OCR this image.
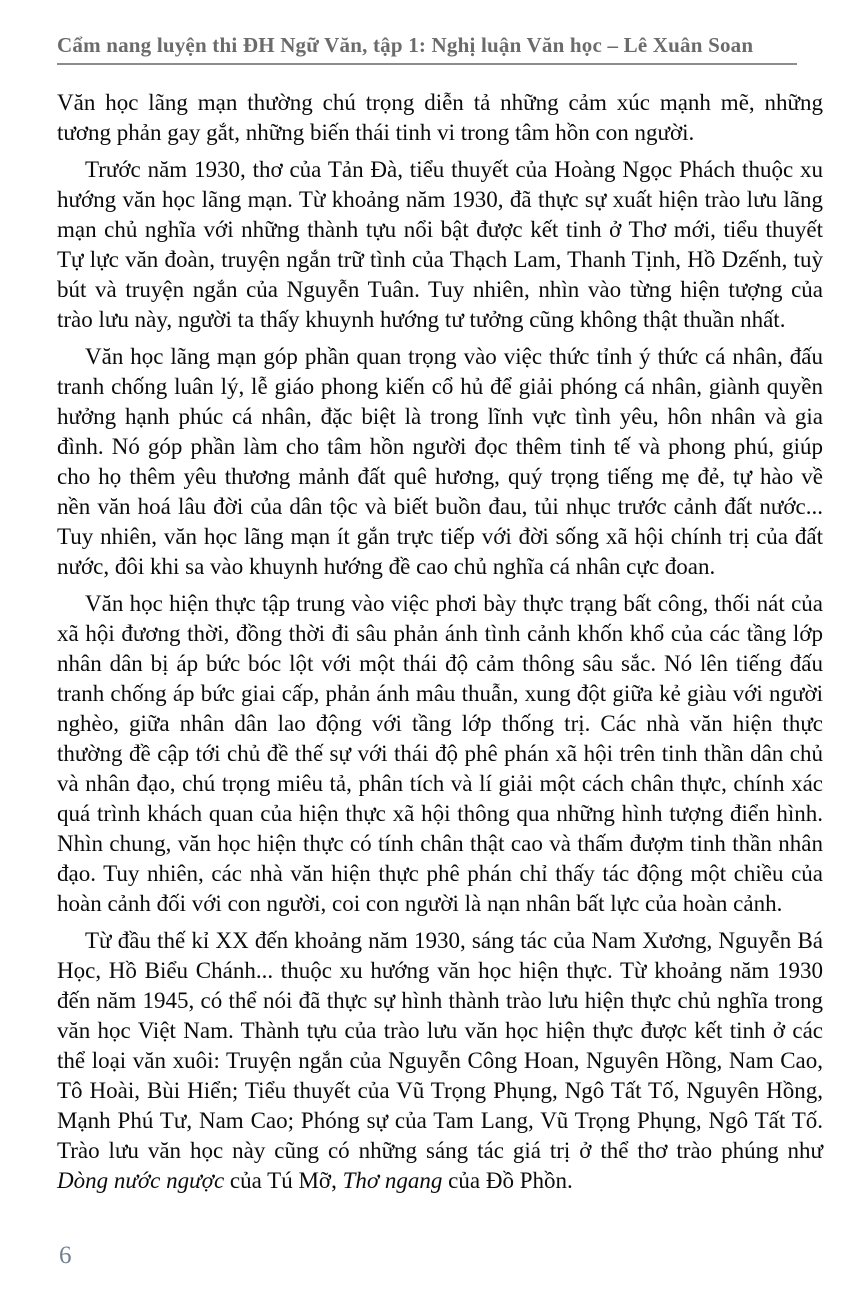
Cẩm nang luyện thi ĐH Ngữ Văn, tập 1: Nghị luận Văn học – Lê Xuân Soan

Văn học lãng mạn thường chú trọng diễn tả những cảm xúc mạnh mẽ, những tương phản gay gắt, những biến thái tinh vi trong tâm hồn con người.

Trước năm 1930, thơ của Tản Đà, tiểu thuyết của Hoàng Ngọc Phách thuộc xu hướng văn học lãng mạn. Từ khoảng năm 1930, đã thực sự xuất hiện trào lưu lãng mạn chủ nghĩa với những thành tựu nổi bật được kết tinh ở Thơ mới, tiểu thuyết Tự lực văn đoàn, truyện ngắn trữ tình của Thạch Lam, Thanh Tịnh, Hồ Dzếnh, tuỳ bút và truyện ngắn của Nguyễn Tuân. Tuy nhiên, nhìn vào từng hiện tượng của trào lưu này, người ta thấy khuynh hướng tư tưởng cũng không thật thuần nhất.

Văn học lãng mạn góp phần quan trọng vào việc thức tỉnh ý thức cá nhân, đấu tranh chống luân lý, lễ giáo phong kiến cổ hủ để giải phóng cá nhân, giành quyền hưởng hạnh phúc cá nhân, đặc biệt là trong lĩnh vực tình yêu, hôn nhân và gia đình. Nó góp phần làm cho tâm hồn người đọc thêm tinh tế và phong phú, giúp cho họ thêm yêu thương mảnh đất quê hương, quý trọng tiếng mẹ đẻ, tự hào về nền văn hoá lâu đời của dân tộc và biết buồn đau, tủi nhục trước cảnh đất nước... Tuy nhiên, văn học lãng mạn ít gắn trực tiếp với đời sống xã hội chính trị của đất nước, đôi khi sa vào khuynh hướng đề cao chủ nghĩa cá nhân cực đoan.

Văn học hiện thực tập trung vào việc phơi bày thực trạng bất công, thối nát của xã hội đương thời, đồng thời đi sâu phản ánh tình cảnh khốn khổ của các tầng lớp nhân dân bị áp bức bóc lột với một thái độ cảm thông sâu sắc. Nó lên tiếng đấu tranh chống áp bức giai cấp, phản ánh mâu thuẫn, xung đột giữa kẻ giàu với người nghèo, giữa nhân dân lao động với tầng lớp thống trị. Các nhà văn hiện thực thường đề cập tới chủ đề thế sự với thái độ phê phán xã hội trên tinh thần dân chủ và nhân đạo, chú trọng miêu tả, phân tích và lí giải một cách chân thực, chính xác quá trình khách quan của hiện thực xã hội thông qua những hình tượng điển hình. Nhìn chung, văn học hiện thực có tính chân thật cao và thấm đượm tinh thần nhân đạo. Tuy nhiên, các nhà văn hiện thực phê phán chỉ thấy tác động một chiều của hoàn cảnh đối với con người, coi con người là nạn nhân bất lực của hoàn cảnh.

Từ đầu thế kỉ XX đến khoảng năm 1930, sáng tác của Nam Xương, Nguyễn Bá Học, Hồ Biểu Chánh... thuộc xu hướng văn học hiện thực. Từ khoảng năm 1930 đến năm 1945, có thể nói đã thực sự hình thành trào lưu hiện thực chủ nghĩa trong văn học Việt Nam. Thành tựu của trào lưu văn học hiện thực được kết tinh ở các thể loại văn xuôi: Truyện ngắn của Nguyễn Công Hoan, Nguyên Hồng, Nam Cao, Tô Hoài, Bùi Hiển; Tiểu thuyết của Vũ Trọng Phụng, Ngô Tất Tố, Nguyên Hồng, Mạnh Phú Tư, Nam Cao; Phóng sự của Tam Lang, Vũ Trọng Phụng, Ngô Tất Tố. Trào lưu văn học này cũng có những sáng tác giá trị ở thể thơ trào phúng như Dòng nước ngược của Tú Mỡ, Thơ ngang của Đồ Phồn.

6
